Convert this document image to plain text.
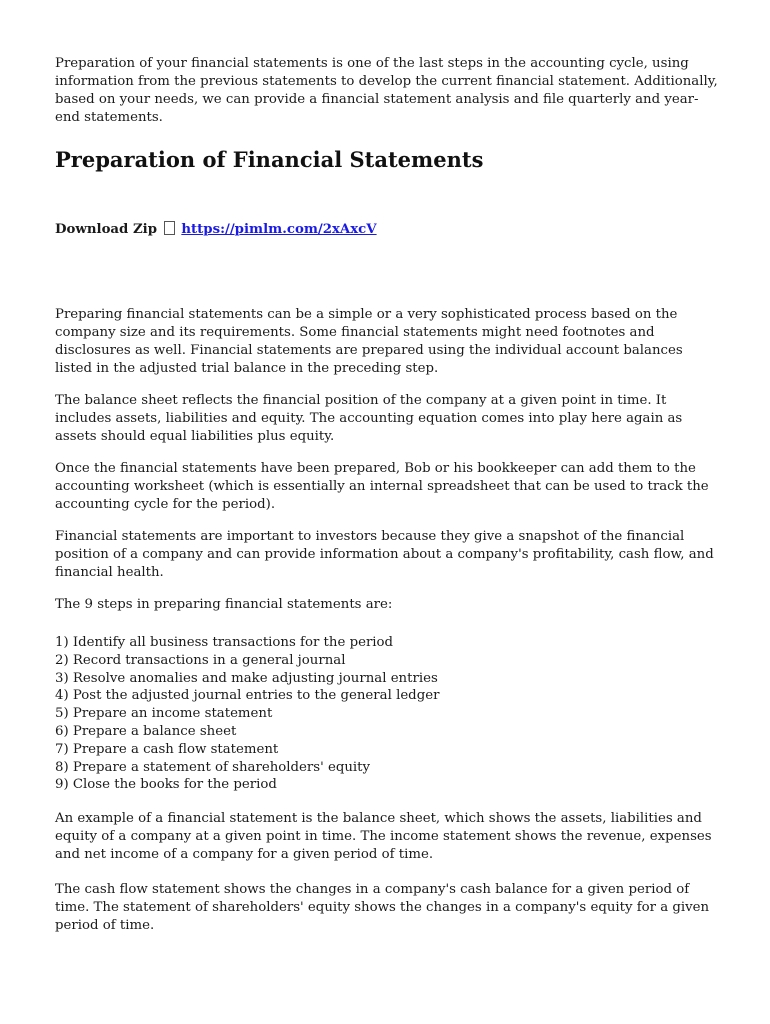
Preparation of your financial statements is one of the last steps in the accounting cycle, using information from the previous statements to develop the current financial statement. Additionally, based on your needs, we can provide a financial statement analysis and file quarterly and year-end statements.

Preparation of Financial Statements
Download Zip https://pimlm.com/2xAxcV

Preparing financial statements can be a simple or a very sophisticated process based on the company size and its requirements. Some financial statements might need footnotes and disclosures as well. Financial statements are prepared using the individual account balances listed in the adjusted trial balance in the preceding step.

The balance sheet reflects the financial position of the company at a given point in time. It includes assets, liabilities and equity. The accounting equation comes into play here again as assets should equal liabilities plus equity.

Once the financial statements have been prepared, Bob or his bookkeeper can add them to the accounting worksheet (which is essentially an internal spreadsheet that can be used to track the accounting cycle for the period).

Financial statements are important to investors because they give a snapshot of the financial position of a company and can provide information about a company's profitability, cash flow, and financial health.

The 9 steps in preparing financial statements are:

1) Identify all business transactions for the period
2) Record transactions in a general journal
3) Resolve anomalies and make adjusting journal entries
4) Post the adjusted journal entries to the general ledger
5) Prepare an income statement
6) Prepare a balance sheet
7) Prepare a cash flow statement
8) Prepare a statement of shareholders' equity
9) Close the books for the period

An example of a financial statement is the balance sheet, which shows the assets, liabilities and equity of a company at a given point in time. The income statement shows the revenue, expenses and net income of a company for a given period of time.

The cash flow statement shows the changes in a company's cash balance for a given period of time. The statement of shareholders' equity shows the changes in a company's equity for a given period of time.
